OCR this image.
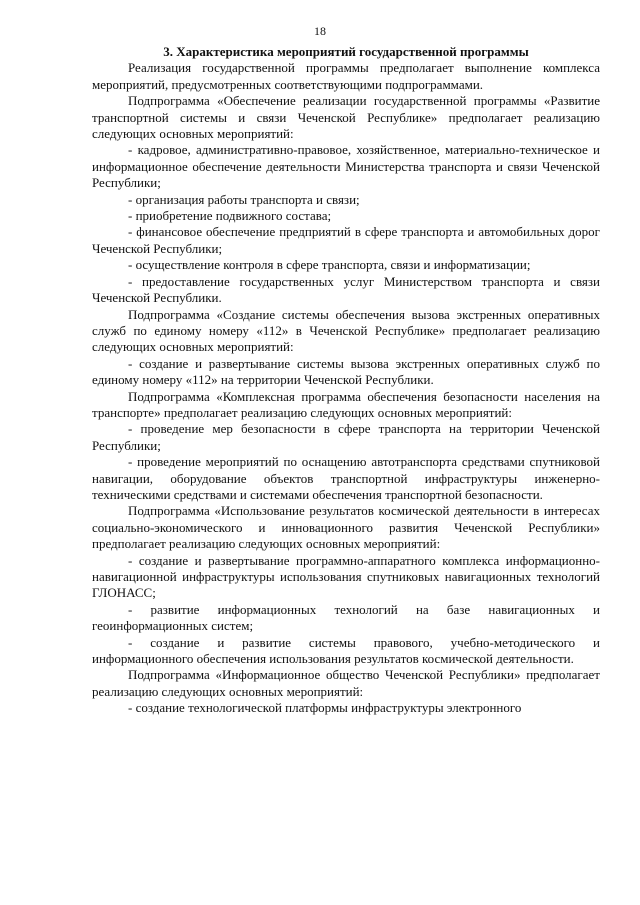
18
3. Характеристика мероприятий государственной программы

Реализация государственной программы предполагает выполнение комплекса мероприятий, предусмотренных соответствующими подпрограммами.

Подпрограмма «Обеспечение реализации государственной программы «Развитие транспортной системы и связи Чеченской Республике» предполагает реализацию следующих основных мероприятий:

- кадровое, административно-правовое, хозяйственное, материально-техническое и информационное обеспечение деятельности Министерства транспорта и связи Чеченской Республики;

- организация работы транспорта и связи;

- приобретение подвижного состава;

- финансовое обеспечение предприятий в сфере транспорта и автомобильных дорог Чеченской Республики;

- осуществление контроля в сфере транспорта, связи и информатизации;

- предоставление государственных услуг Министерством транспорта и связи Чеченской Республики.

Подпрограмма «Создание системы обеспечения вызова экстренных оперативных служб по единому номеру «112» в Чеченской Республике» предполагает реализацию следующих основных мероприятий:

- создание и развертывание системы вызова экстренных оперативных служб по единому номеру «112» на территории Чеченской Республики.

Подпрограмма «Комплексная программа обеспечения безопасности населения на транспорте» предполагает реализацию следующих основных мероприятий:

- проведение мер безопасности в сфере транспорта на территории Чеченской Республики;

- проведение мероприятий по оснащению автотранспорта средствами спутниковой навигации, оборудование объектов транспортной инфраструктуры инженерно-техническими средствами и системами обеспечения транспортной безопасности.

Подпрограмма «Использование результатов космической деятельности в интересах социально-экономического и инновационного развития Чеченской Республики» предполагает реализацию следующих основных мероприятий:

- создание и развертывание программно-аппаратного комплекса информационно-навигационной инфраструктуры использования спутниковых навигационных технологий ГЛОНАСС;

- развитие информационных технологий на базе навигационных и геоинформационных систем;

- создание и развитие системы правового, учебно-методического и информационного обеспечения использования результатов космической деятельности.

Подпрограмма «Информационное общество Чеченской Республики» предполагает реализацию следующих основных мероприятий:

- создание технологической платформы инфраструктуры электронного
